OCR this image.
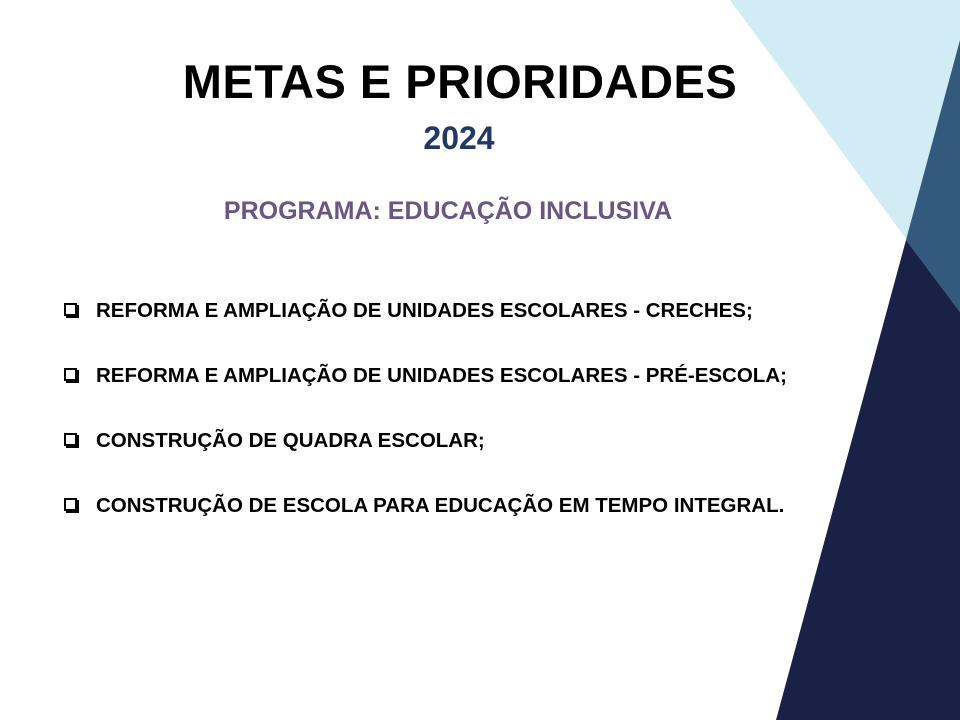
METAS E PRIORIDADES
2024
PROGRAMA: EDUCAÇÃO INCLUSIVA
REFORMA E AMPLIAÇÃO DE UNIDADES ESCOLARES - CRECHES;
REFORMA E AMPLIAÇÃO DE UNIDADES ESCOLARES - PRÉ-ESCOLA;
CONSTRUÇÃO DE QUADRA ESCOLAR;
CONSTRUÇÃO DE ESCOLA PARA EDUCAÇÃO EM TEMPO INTEGRAL.
